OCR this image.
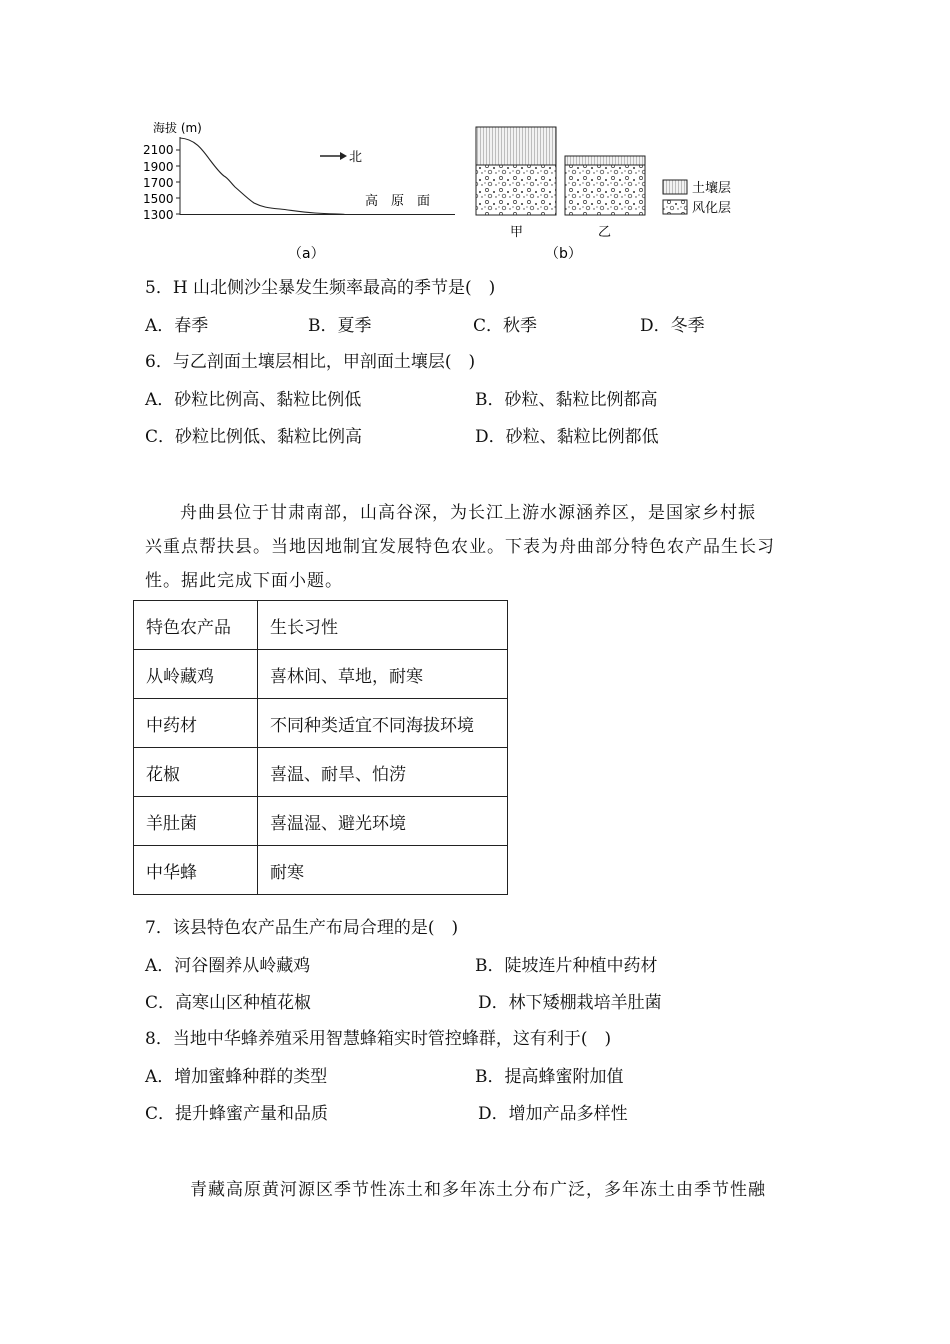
海拔 (m)
2100
1900
1700
1500
1300
北
高　原　面
（a）
甲	乙
土壤层
风化层
（b）
5．H 山北侧沙尘暴发生频率最高的季节是(　)
A．春季	B．夏季	C．秋季	D．冬季
6．与乙剖面土壤层相比，甲剖面土壤层(　)
A．砂粒比例高、黏粒比例低	B．砂粒、黏粒比例都高
C．砂粒比例低、黏粒比例高	D．砂粒、黏粒比例都低
舟曲县位于甘肃南部，山高谷深，为长江上游水源涵养区，是国家乡村振
兴重点帮扶县。当地因地制宜发展特色农业。下表为舟曲部分特色农产品生长习
性。据此完成下面小题。
特色农产品	生长习性
从岭藏鸡	喜林间、草地，耐寒
中药材	不同种类适宜不同海拔环境
花椒	喜温、耐旱、怕涝
羊肚菌	喜温湿、避光环境
中华蜂	耐寒
7．该县特色农产品生产布局合理的是(　)
A．河谷圈养从岭藏鸡	B．陡坡连片种植中药材
C．高寒山区种植花椒	D．林下矮棚栽培羊肚菌
8．当地中华蜂养殖采用智慧蜂箱实时管控蜂群，这有利于(　)
A．增加蜜蜂种群的类型	B．提高蜂蜜附加值
C．提升蜂蜜产量和品质	D．增加产品多样性
青藏高原黄河源区季节性冻土和多年冻土分布广泛，多年冻土由季节性融
